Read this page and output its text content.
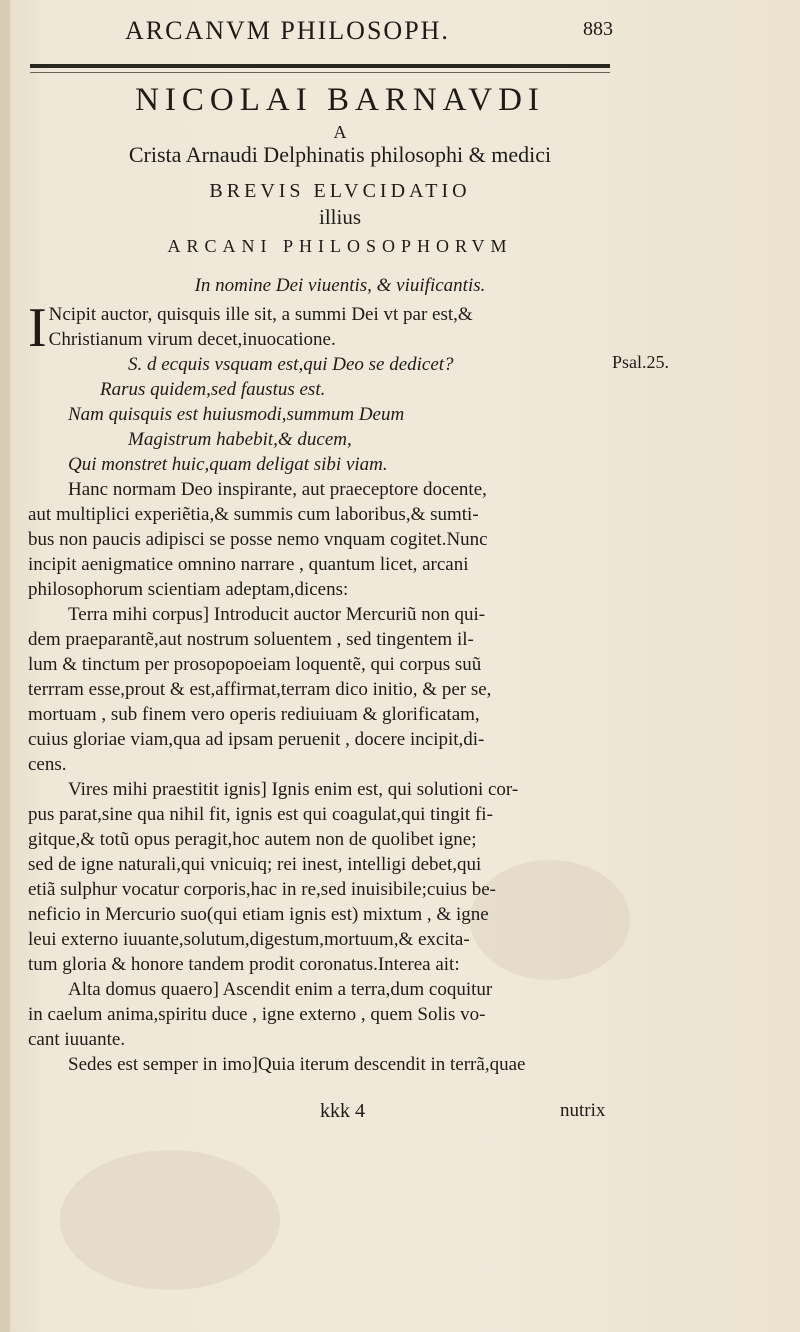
ARCANVM PHILOSOPH.	883
NICOLAI BARNAVDI
A
Crista Arnaudi Delphinatis philosophi & medici
BREVIS ELVCIDATIO
illius
ARCANI PHILOSOPHORVM
In nomine Dei viuentis, & viuificantis.
Psal.25.
I Ncipit auctor, quisquis ille sit, a summi Dei vt par est,&
Christianum virum decet,inuocatione.
S. d ecquis vsquam est,qui Deo se dedicet?
Rarus quidem,sed faustus est.
Nam quisquis est huiusmodi,summum Deum
Magistrum habebit,& ducem,
Qui monstret huic,quam deligat sibi viam.
Hanc normam Deo inspirante, aut praeceptore docente,
aut multiplici experiẽtia,& summis cum laboribus,& sumti-
bus non paucis adipisci se posse nemo vnquam cogitet.Nunc
incipit aenigmatice omnino narrare , quantum licet, arcani
philosophorum scientiam adeptam,dicens:
Terra mihi corpus] Introducit auctor Mercuriũ non qui-
dem praeparantẽ,aut nostrum soluentem , sed tingentem il-
lum & tinctum per prosopopoeiam loquentẽ, qui corpus suũ
terrram esse,prout & est,affirmat,terram dico initio, & per se,
mortuam , sub finem vero operis rediuiuam & glorificatam,
cuius gloriae viam,qua ad ipsam peruenit , docere incipit,di-
cens.
Vires mihi praestitit ignis] Ignis enim est, qui solutioni cor-
pus parat,sine qua nihil fit, ignis est qui coagulat,qui tingit fi-
gitque,& totũ opus peragit,hoc autem non de quolibet igne;
sed de igne naturali,qui vnicuiq; rei inest, intelligi debet,qui
etiã sulphur vocatur corporis,hac in re,sed inuisibile;cuius be-
neficio in Mercurio suo(qui etiam ignis est) mixtum , & igne
leui externo iuuante,solutum,digestum,mortuum,& excita-
tum gloria & honore tandem prodit coronatus.Interea ait:
Alta domus quaero] Ascendit enim a terra,dum coquitur
in caelum anima,spiritu duce , igne externo , quem Solis vo-
cant iuuante.
Sedes est semper in imo]Quia iterum descendit in terrã,quae
kkk 4	nutrix
